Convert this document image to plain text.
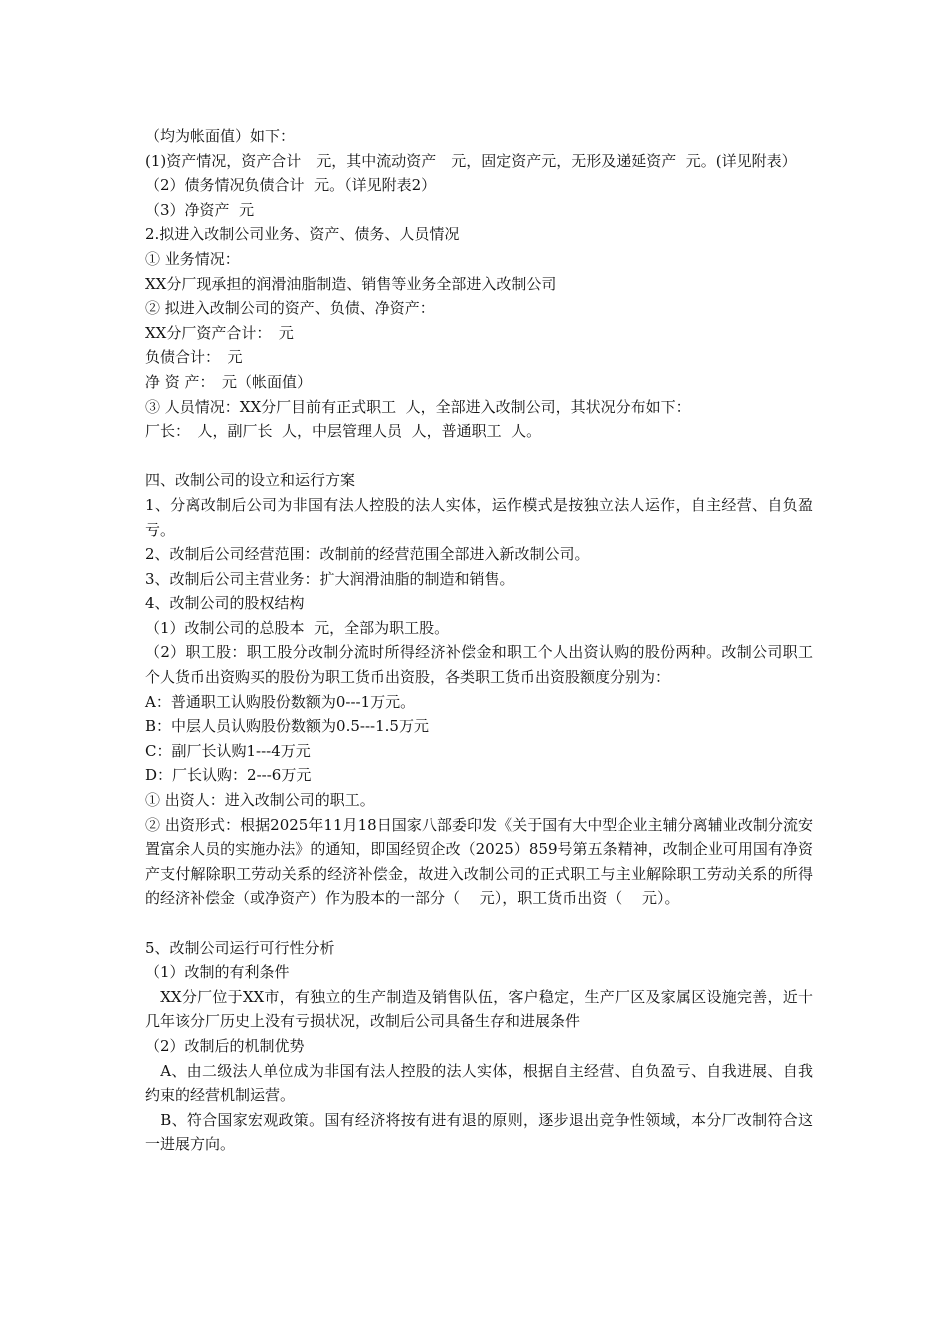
（均为帐面值）如下：

(1)资产情况，资产合计　元，其中流动资产　元，固定资产元，无形及递延资产  元。(详见附表）

（2）债务情况负债合计  元。（详见附表2）

（3）净资产  元

2.拟进入改制公司业务、资产、债务、人员情况

① 业务情况：

XX分厂现承担的润滑油脂制造、销售等业务全部进入改制公司

② 拟进入改制公司的资产、负债、净资产：

XX分厂资产合计：　元

负债合计：　元

净 资 产：　元（帐面值）

③ 人员情况：XX分厂目前有正式职工  人，全部进入改制公司，其状况分布如下：

厂长：　人，副厂长  人，中层管理人员  人，普通职工  人。

四、改制公司的设立和运行方案

1、分离改制后公司为非国有法人控股的法人实体，运作模式是按独立法人运作，自主经营、自负盈亏。

2、改制后公司经营范围：改制前的经营范围全部进入新改制公司。

3、改制后公司主营业务：扩大润滑油脂的制造和销售。

4、改制公司的股权结构

（1）改制公司的总股本  元，全部为职工股。

（2）职工股：职工股分改制分流时所得经济补偿金和职工个人出资认购的股份两种。改制公司职工个人货币出资购买的股份为职工货币出资股，各类职工货币出资股额度分别为：

A：普通职工认购股份数额为0---1万元。

B：中层人员认购股份数额为0.5---1.5万元

C：副厂长认购1---4万元

D：厂长认购：2---6万元

① 出资人：进入改制公司的职工。

② 出资形式：根据2025年11月18日国家八部委印发《关于国有大中型企业主辅分离辅业改制分流安置富余人员的实施办法》的通知，即国经贸企改（2025）859号第五条精神，改制企业可用国有净资产支付解除职工劳动关系的经济补偿金，故进入改制公司的正式职工与主业解除职工劳动关系的所得的经济补偿金（或净资产）作为股本的一部分（　 元），职工货币出资（　 元）。

5、改制公司运行可行性分析

（1）改制的有利条件

　XX分厂位于XX市，有独立的生产制造及销售队伍，客户稳定，生产厂区及家属区设施完善，近十几年该分厂历史上没有亏损状况，改制后公司具备生存和进展条件

（2）改制后的机制优势

　A、由二级法人单位成为非国有法人控股的法人实体，根据自主经营、自负盈亏、自我进展、自我约束的经营机制运营。

　B、符合国家宏观政策。国有经济将按有进有退的原则，逐步退出竞争性领域，本分厂改制符合这一进展方向。
